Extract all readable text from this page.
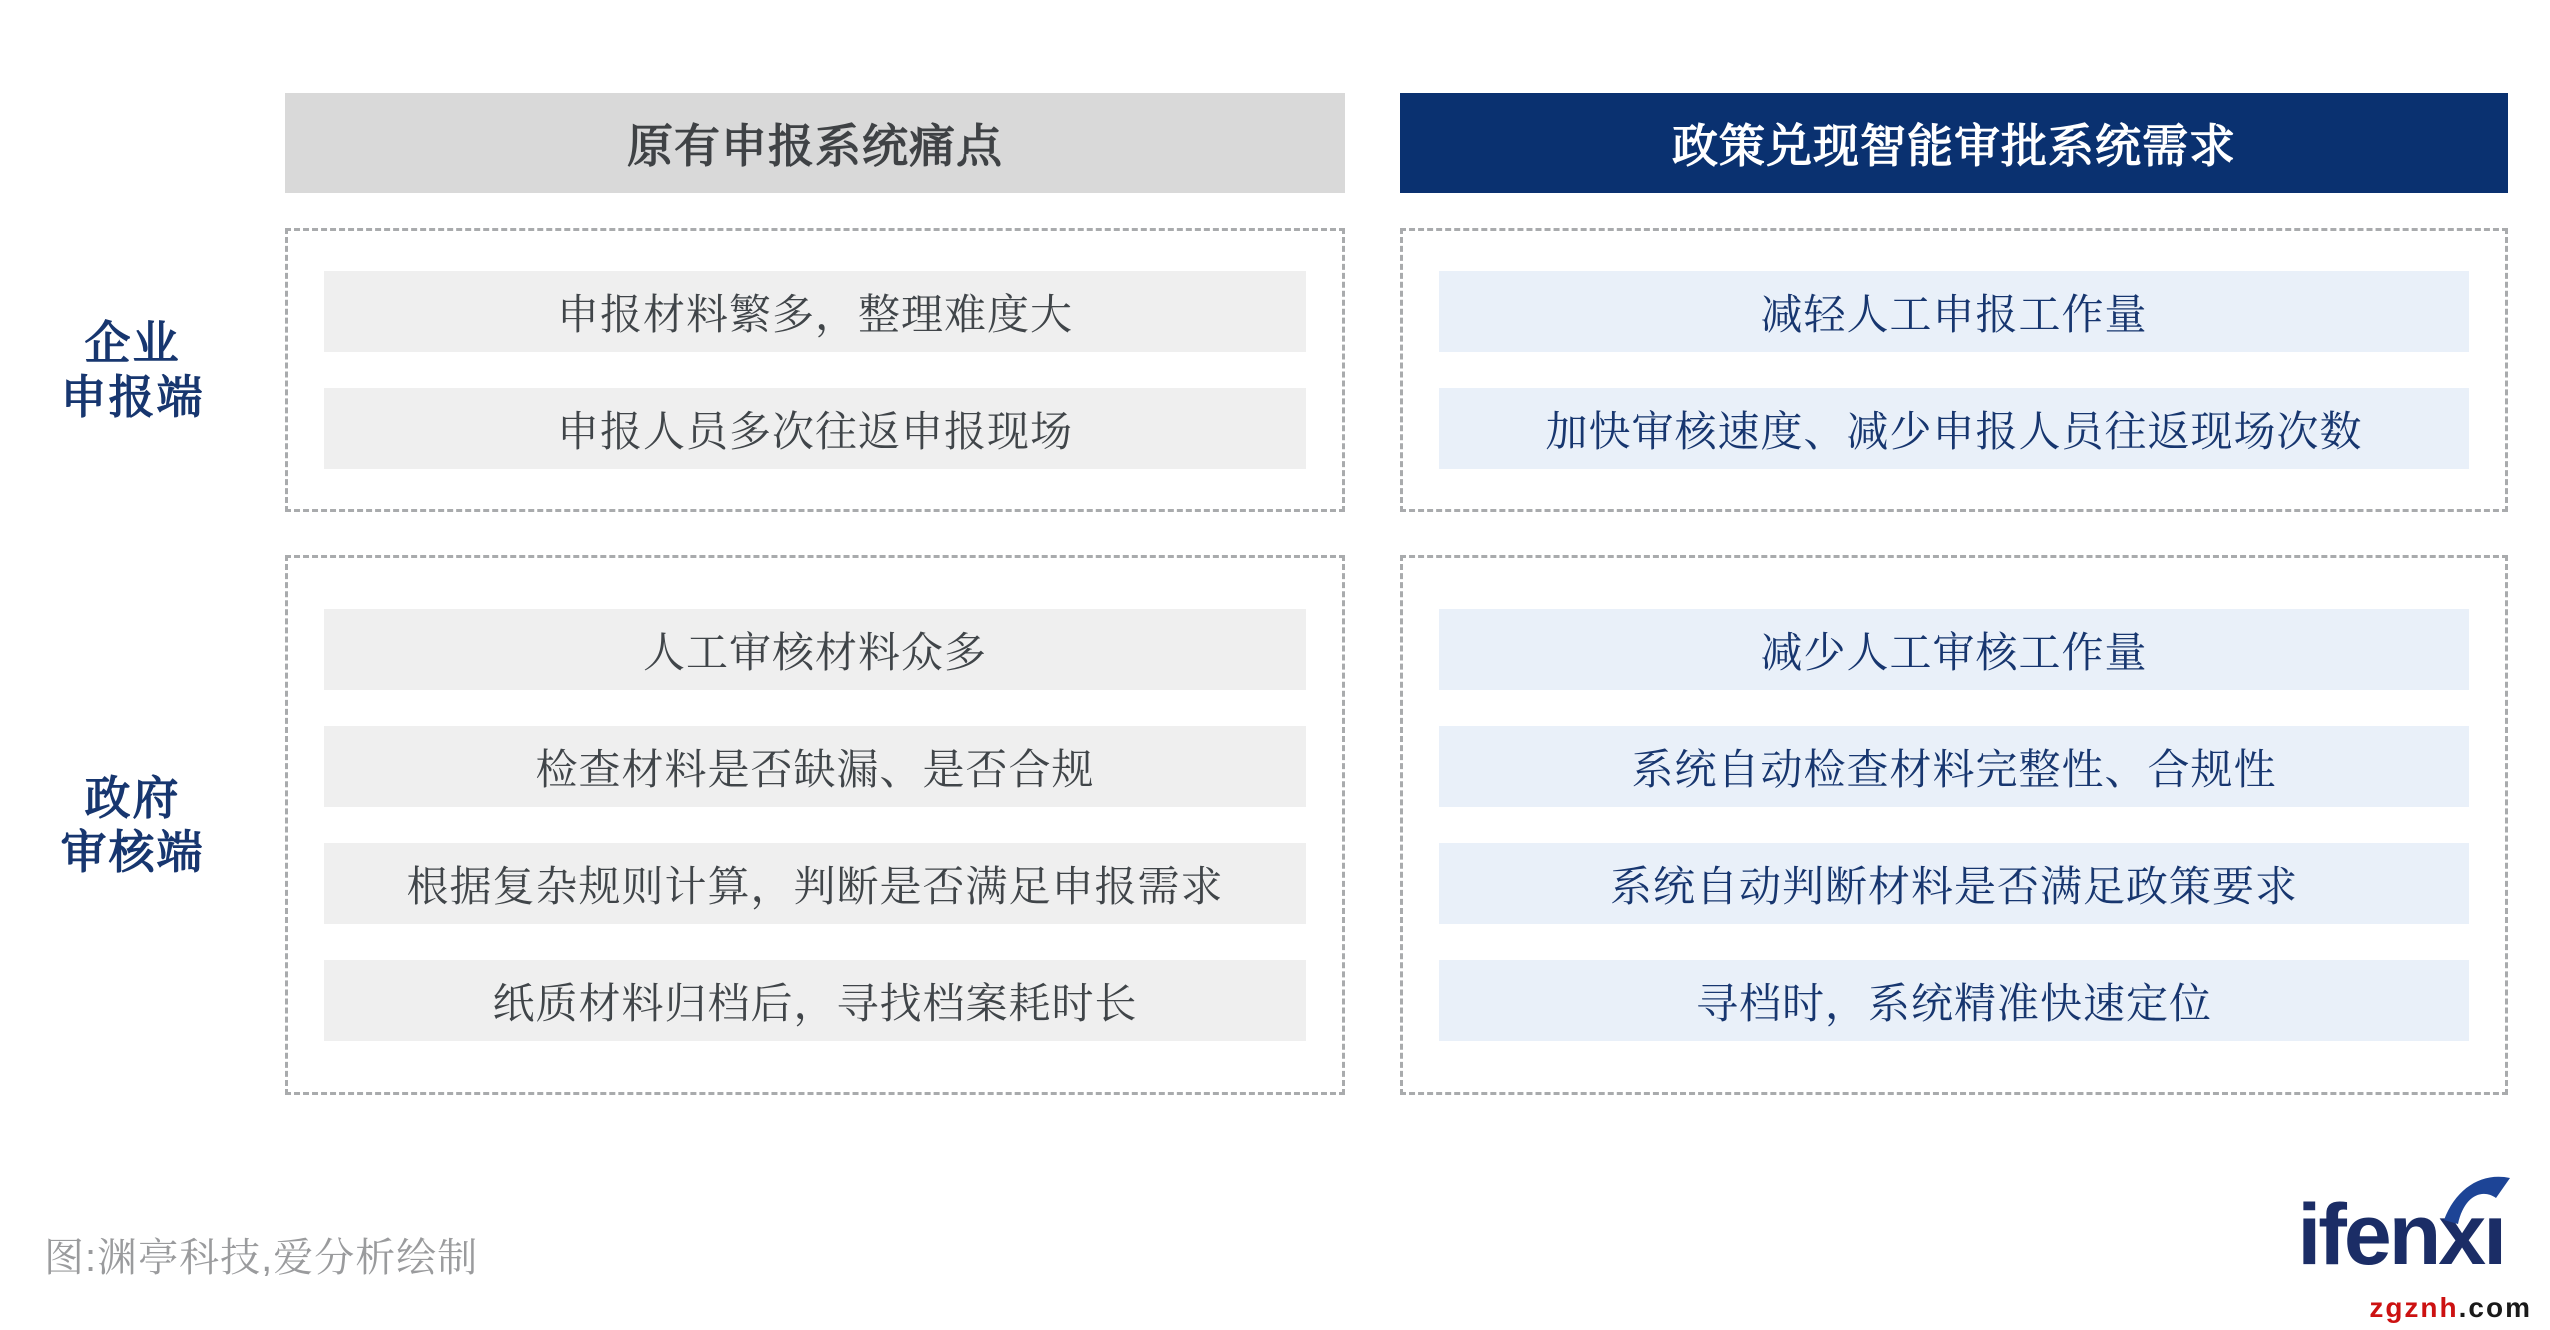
原有申报系统痛点	政策兑现智能审批系统需求
企业
申报端
申报材料繁多，整理难度大
申报人员多次往返申报现场
减轻人工申报工作量
加快审核速度、减少申报人员往返现场次数
政府
审核端
人工审核材料众多
检查材料是否缺漏、是否合规
根据复杂规则计算，判断是否满足申报需求
纸质材料归档后，寻找档案耗时长
减少人工审核工作量
系统自动检查材料完整性、合规性
系统自动判断材料是否满足政策要求
寻档时，系统精准快速定位
图:渊亭科技,爱分析绘制	ifenxı
zgznh.com
